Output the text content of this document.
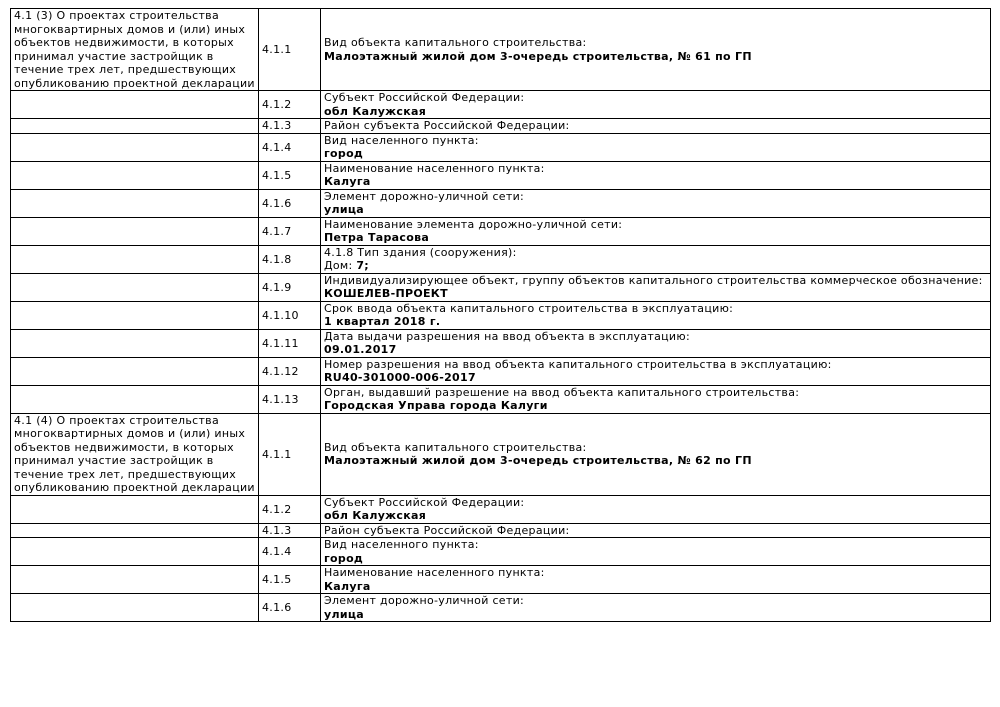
4.1 (3) О проектах строительства многоквартирных домов и (или) иных объектов недвижимости, в которых принимал участие застройщик в течение трех лет, предшествующих опубликованию проектной декларации	4.1.1	Вид объекта капитального строительства:
Малоэтажный жилой дом 3-очередь строительства, № 61 по ГП

	4.1.2	Субъект Российской Федерации:
обл Калужская

	4.1.3	Район субъекта Российской Федерации:

	4.1.4	Вид населенного пункта:
город

	4.1.5	Наименование населенного пункта:
Калуга

	4.1.6	Элемент дорожно-уличной сети:
улица

	4.1.7	Наименование элемента дорожно-уличной сети:
Петра Тарасова

	4.1.8	4.1.8 Тип здания (сооружения):
Дом: 7;

	4.1.9	Индивидуализирующее объект, группу объектов капитального строительства коммерческое обозначение:
КОШЕЛЕВ-ПРОЕКТ

	4.1.10	Срок ввода объекта капитального строительства в эксплуатацию:
1 квартал 2018 г.

	4.1.11	Дата выдачи разрешения на ввод объекта в эксплуатацию:
09.01.2017

	4.1.12	Номер разрешения на ввод объекта капитального строительства в эксплуатацию:
RU40-301000-006-2017

	4.1.13	Орган, выдавший разрешение на ввод объекта капитального строительства:
Городская Управа города Калуги

4.1 (4) О проектах строительства многоквартирных домов и (или) иных объектов недвижимости, в которых принимал участие застройщик в течение трех лет, предшествующих опубликованию проектной декларации	4.1.1	Вид объекта капитального строительства:
Малоэтажный жилой дом 3-очередь строительства, № 62 по ГП

	4.1.2	Субъект Российской Федерации:
обл Калужская

	4.1.3	Район субъекта Российской Федерации:

	4.1.4	Вид населенного пункта:
город

	4.1.5	Наименование населенного пункта:
Калуга

	4.1.6	Элемент дорожно-уличной сети:
улица
